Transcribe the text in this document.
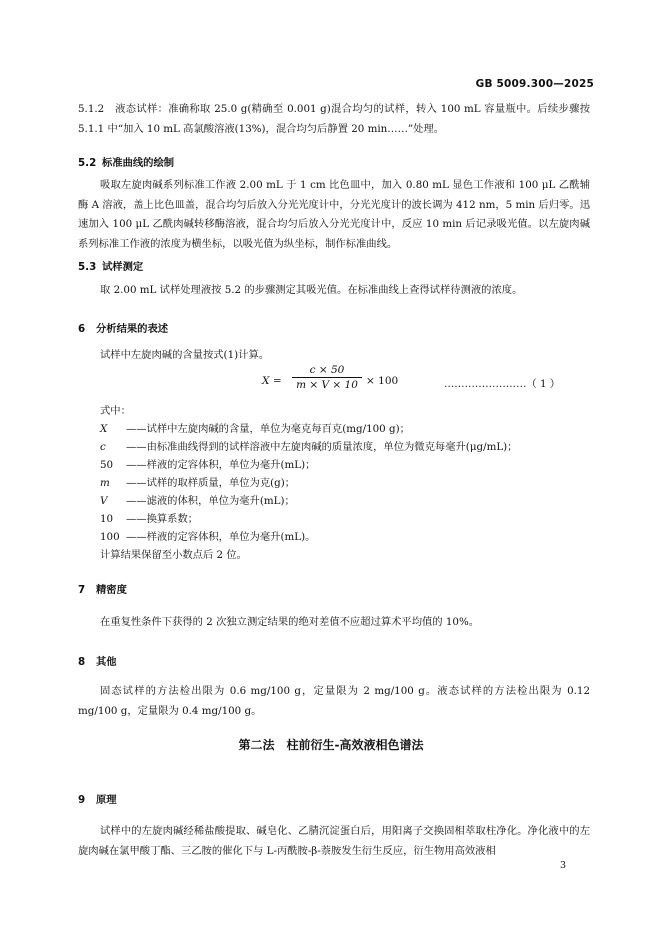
GB 5009.300—2025
5.1.2　 液态试样：准确称取 25.0 g(精确至 0.001 g)混合均匀的试样，转入 100 mL 容量瓶中。后续步骤按 5.1.1 中“加入 10 mL 高氯酸溶液(13%)，混合均匀后静置 20 min……”处理。
5.2 标准曲线的绘制
吸取左旋肉碱系列标准工作液 2.00 mL 于 1 cm 比色皿中，加入 0.80 mL 显色工作液和 100 μL 乙酰辅酶 A 溶液，盖上比色皿盖，混合均匀后放入分光光度计中，分光光度计的波长调为 412 nm，5 min 后归零。迅速加入 100 μL 乙酰肉碱转移酶溶液，混合均匀后放入分光光度计中，反应 10 min 后记录吸光值。以左旋肉碱系列标准工作液的浓度为横坐标，以吸光值为纵坐标，制作标准曲线。
5.3 试样测定
取 2.00 mL 试样处理液按 5.2 的步骤测定其吸光值。在标准曲线上查得试样待测液的浓度。
6 分析结果的表述
试样中左旋肉碱的含量按式(1)计算。
$X = \frac{c \times 50}{m \times V \times 10} \times 100$	……………………（ 1 ）
式中：
X ——试样中左旋肉碱的含量，单位为毫克每百克(mg/100 g)；
c ——由标准曲线得到的试样溶液中左旋肉碱的质量浓度，单位为微克每毫升(μg/mL)；
50 ——样液的定容体积，单位为毫升(mL)；
m ——试样的取样质量，单位为克(g)；
V ——滤液的体积，单位为毫升(mL)；
10 ——换算系数；
100 ——样液的定容体积，单位为毫升(mL)。
计算结果保留至小数点后 2 位。
7 精密度
在重复性条件下获得的 2 次独立测定结果的绝对差值不应超过算术平均值的 10%。
8 其他
固态试样的方法检出限为 0.6 mg/100 g，定量限为 2 mg/100 g。液态试样的方法检出限为 0.12 mg/100 g，定量限为 0.4 mg/100 g。
第二法　柱前衍生-高效液相色谱法
9 原理
试样中的左旋肉碱经稀盐酸提取、碱皂化、乙腈沉淀蛋白后，用阳离子交换固相萃取柱净化。净化液中的左旋肉碱在氯甲酸丁酯、三乙胺的催化下与 L-丙酰胺-β-萘胺发生衍生反应，衍生物用高效液相
3
